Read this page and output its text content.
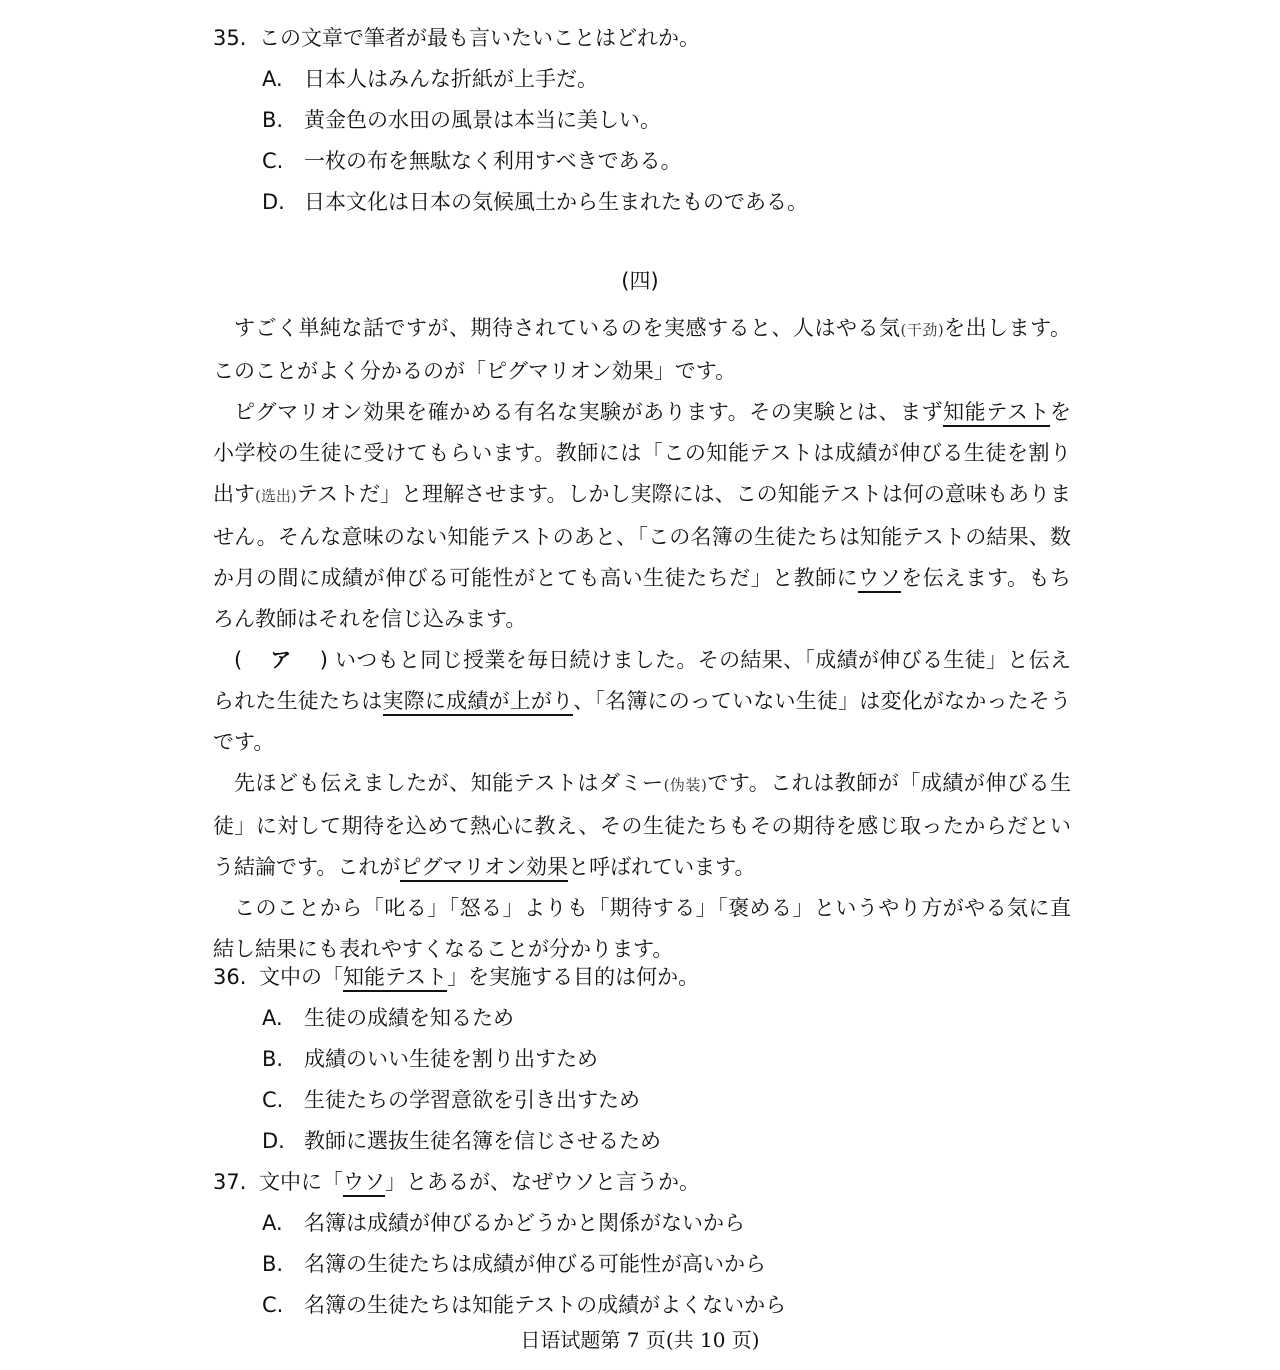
35. この文章で筆者が最も言いたいことはどれか。
A. 日本人はみんな折紙が上手だ。
B. 黄金色の水田の風景は本当に美しい。
C. 一枚の布を無駄なく利用すべきである。
D. 日本文化は日本の気候風土から生まれたものである。
(四)

すごく単純な話ですが、期待されているのを実感すると、人はやる気(干劲)を出します。このことがよく分かるのが「ピグマリオン効果」です。

ピグマリオン効果を確かめる有名な実験があります。その実験とは、まず知能テストを小学校の生徒に受けてもらいます。教師には「この知能テストは成績が伸びる生徒を割り出す(选出)テストだ」と理解させます。しかし実際には、この知能テストは何の意味もありません。そんな意味のない知能テストのあと、「この名簿の生徒たちは知能テストの結果、数か月の間に成績が伸びる可能性がとても高い生徒たちだ」と教師にウソを伝えます。もちろん教師はそれを信じ込みます。

( ア ) いつもと同じ授業を毎日続けました。その結果、「成績が伸びる生徒」と伝えられた生徒たちは実際に成績が上がり、「名簿にのっていない生徒」は変化がなかったそうです。

先ほども伝えましたが、知能テストはダミー(伪装)です。これは教師が「成績が伸びる生徒」に対して期待を込めて熱心に教え、その生徒たちもその期待を感じ取ったからだという結論です。これがピグマリオン効果と呼ばれています。

このことから「叱る」「怒る」よりも「期待する」「褒める」というやり方がやる気に直結し結果にも表れやすくなることが分かります。

36. 文中の「知能テスト」を実施する目的は何か。
A. 生徒の成績を知るため
B. 成績のいい生徒を割り出すため
C. 生徒たちの学習意欲を引き出すため
D. 教師に選抜生徒名簿を信じさせるため
37. 文中に「ウソ」とあるが、なぜウソと言うか。
A. 名簿は成績が伸びるかどうかと関係がないから
B. 名簿の生徒たちは成績が伸びる可能性が高いから
C. 名簿の生徒たちは知能テストの成績がよくないから
日语试题第 7 页(共 10 页)
